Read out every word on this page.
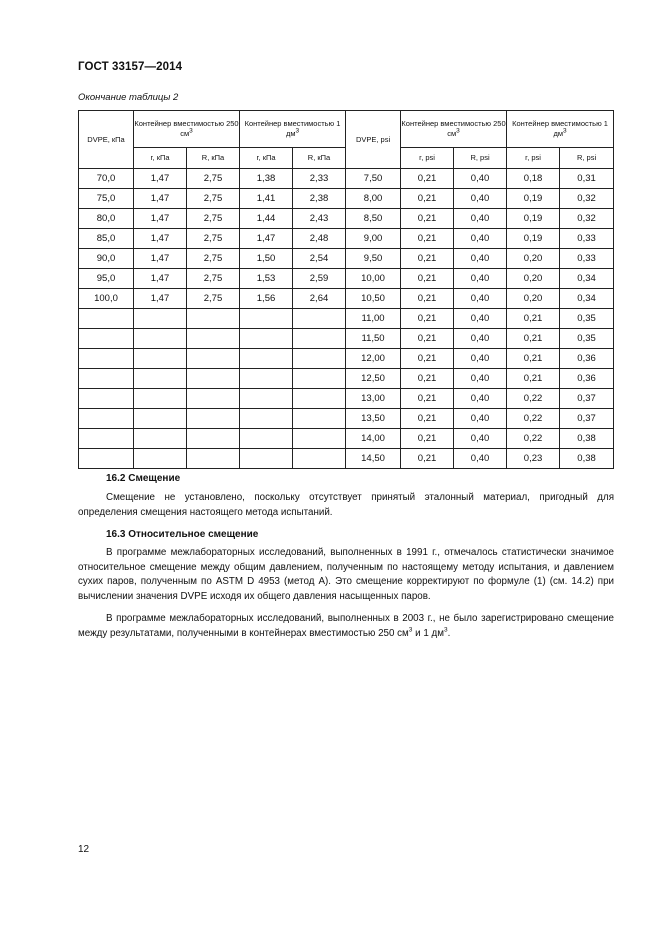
ГОСТ 33157—2014
Окончание таблицы 2
DVPE, кПа	Контейнер вместимостью 250 $см^3$		Контейнер вместимостью 1 $дм^3$		DVPE, psi	Контейнер вместимостью 250 $см^3$		Контейнер вместимостью 1 $дм^3$
	r, кПа	R, кПа	r, кПа	R, кПа		r, psi	R, psi	r, psi	R, psi
70,0	1,47	2,75	1,38	2,33	7,50	0,21	0,40	0,18	0,31
75,0	1,47	2,75	1,41	2,38	8,00	0,21	0,40	0,19	0,32
80,0	1,47	2,75	1,44	2,43	8,50	0,21	0,40	0,19	0,32
85,0	1,47	2,75	1,47	2,48	9,00	0,21	0,40	0,19	0,33
90,0	1,47	2,75	1,50	2,54	9,50	0,21	0,40	0,20	0,33
95,0	1,47	2,75	1,53	2,59	10,00	0,21	0,40	0,20	0,34
100,0	1,47	2,75	1,56	2,64	10,50	0,21	0,40	0,20	0,34
					11,00	0,21	0,40	0,21	0,35
					11,50	0,21	0,40	0,21	0,35
					12,00	0,21	0,40	0,21	0,36
					12,50	0,21	0,40	0,21	0,36
					13,00	0,21	0,40	0,22	0,37
					13,50	0,21	0,40	0,22	0,37
					14,00	0,21	0,40	0,22	0,38
					14,50	0,21	0,40	0,23	0,38
16.2 Смещение

Смещение не установлено, поскольку отсутствует принятый эталонный материал, пригодный для определения смещения настоящего метода испытаний.

16.3 Относительное смещение

В программе межлабораторных исследований, выполненных в 1991 г., отмечалось статистически значимое относительное смещение между общим давлением, полученным по настоящему методу испытания, и давлением сухих паров, полученным по ASTM D 4953 (метод А). Это смещение корректируют по формуле (1) (см. 14.2) при вычислении значения DVPE исходя их общего давления насыщенных паров.

В программе межлабораторных исследований, выполненных в 2003 г., не было зарегистрировано смещение между результатами, полученными в контейнерах вместимостью 250 $см^3$ и 1 $дм^3$.

12
